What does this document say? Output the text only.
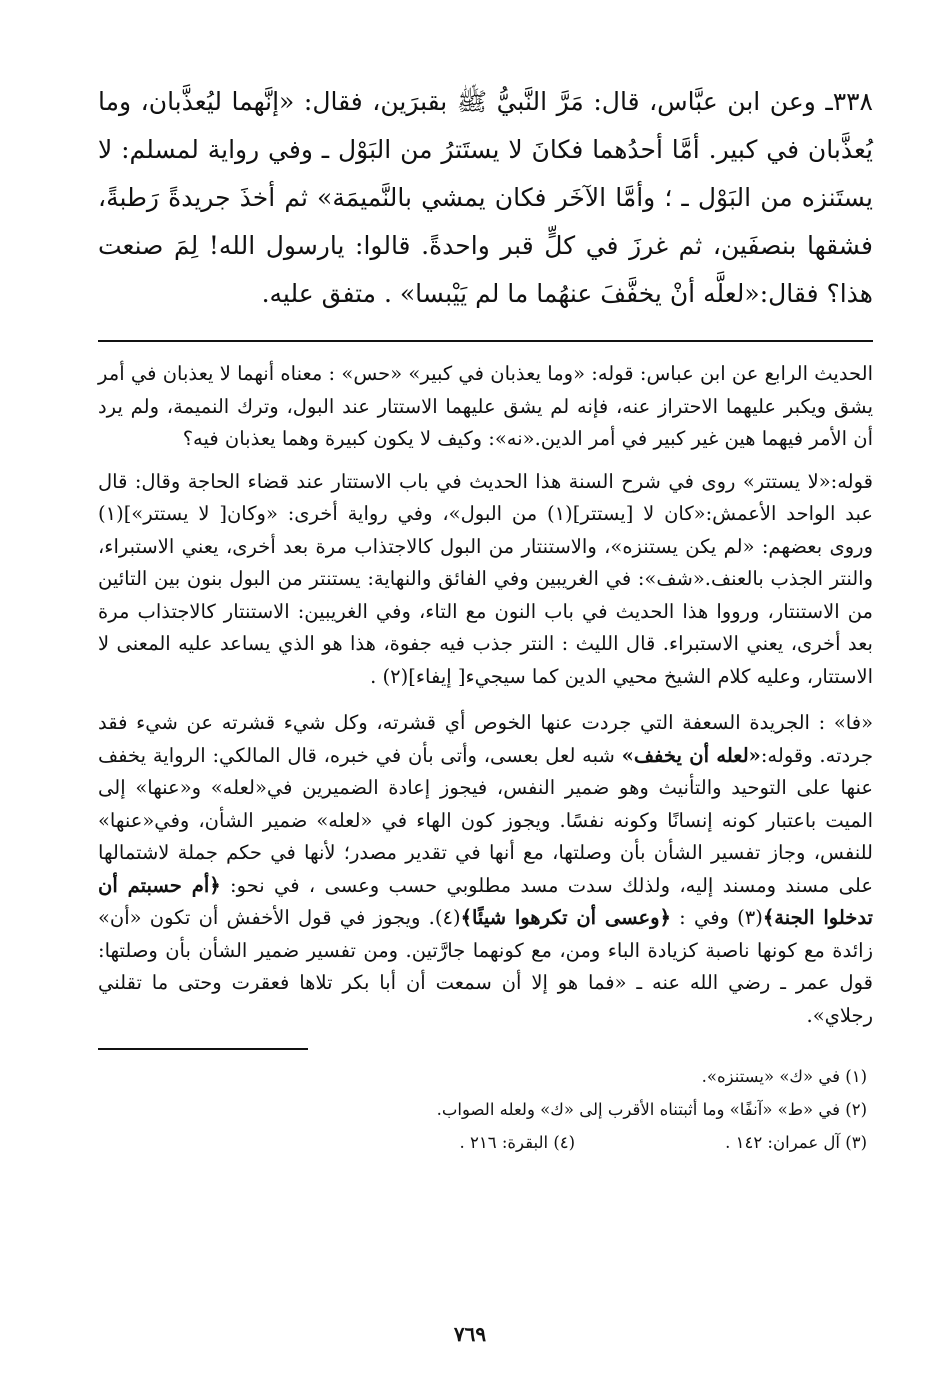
٣٣٨ـ وعن ابن عبَّاس، قال: مَرَّ النَّبيُّ ﷺ بقبرَين، فقال: «إنَّهما ليُعذَّبان، وما يُعذَّبان في كبير. أمَّا أحدُهما فكانَ لا يستَترُ من البَوْل ـ وفي رواية لمسلم: لا يستَنزه من البَوْل ـ ؛ وأمَّا الآخَر فكان يمشي بالنَّميمَة» ثم أخذَ جريدةً رَطبةً، فشقها بنصفَين، ثم غرزَ في كلٍّ قبر واحدةً. قالوا: يارسول الله! لِمَ صنعت هذا؟ فقال:«لعلَّه أنْ يخفَّفَ عنهُما ما لم يَيْبسا» . متفق عليه.

الحديث الرابع عن ابن عباس: قوله: «وما يعذبان في كبير» «حس» : معناه أنهما لا يعذبان في أمر يشق ويكبر عليهما الاحتراز عنه، فإنه لم يشق عليهما الاستتار عند البول، وترك النميمة، ولم يرد أن الأمر فيهما هين غير كبير في أمر الدين.«نه»: وكيف لا يكون كبيرة وهما يعذبان فيه؟

قوله:«لا يستتر» روى في شرح السنة هذا الحديث في باب الاستتار عند قضاء الحاجة وقال: قال عبد الواحد الأعمش:«كان لا [يستتر](١) من البول»، وفي رواية أخرى: «وكان[ لا يستتر»](١) وروى بعضهم: «لم يكن يستنزه»، والاستنتار من البول كالاجتذاب مرة بعد أخرى، يعني الاستبراء، والنتر الجذب بالعنف.«شف»: في الغريبين وفي الفائق والنهاية: يستنتر من البول بنون بين التائين من الاستنتار، ورووا هذا الحديث في باب النون مع التاء، وفي الغريبين: الاستنتار كالاجتذاب مرة بعد أخرى، يعني الاستبراء. قال الليث : النتر جذب فيه جفوة، هذا هو الذي يساعد عليه المعنى لا الاستتار، وعليه كلام الشيخ محيي الدين كما سيجيء[ إيفاء](٢) .

«فا» : الجريدة السعفة التي جردت عنها الخوص أي قشرته، وكل شيء قشرته عن شيء فقد جردته. وقوله:«لعله أن يخفف» شبه لعل بعسى، وأتى بأن في خبره، قال المالكي: الرواية يخفف عنها على التوحيد والتأنيث وهو ضمير النفس، فيجوز إعادة الضميرين في«لعله» و«عنها» إلى الميت باعتبار كونه إنسانًا وكونه نفسًا. ويجوز كون الهاء في «لعله» ضمير الشأن، وفي«عنها» للنفس، وجاز تفسير الشأن بأن وصلتها، مع أنها في تقدير مصدر؛ لأنها في حكم جملة لاشتمالها على مسند ومسند إليه، ولذلك سدت مسد مطلوبي حسب وعسى ، في نحو: ﴿أم حسبتم أن تدخلوا الجنة﴾(٣) وفي : ﴿وعسى أن تكرهوا شيئًا﴾(٤). ويجوز في قول الأخفش أن تكون «أن» زائدة مع كونها ناصبة كزيادة الباء ومن، مع كونهما جارَّتين. ومن تفسير ضمير الشأن بأن وصلتها: قول عمر ـ رضي الله عنه ـ «فما هو إلا أن سمعت أن أبا بكر تلاها فعقرت وحتى ما تقلني رجلاي».

(١) في «ك» «يستنزه».
(٢) في «ط» «آنفًا» وما أثبتناه الأقرب إلى «ك» ولعله الصواب.
(٣) آل عمران: ١٤٢ .
(٤) البقرة: ٢١٦ .
٧٦٩
